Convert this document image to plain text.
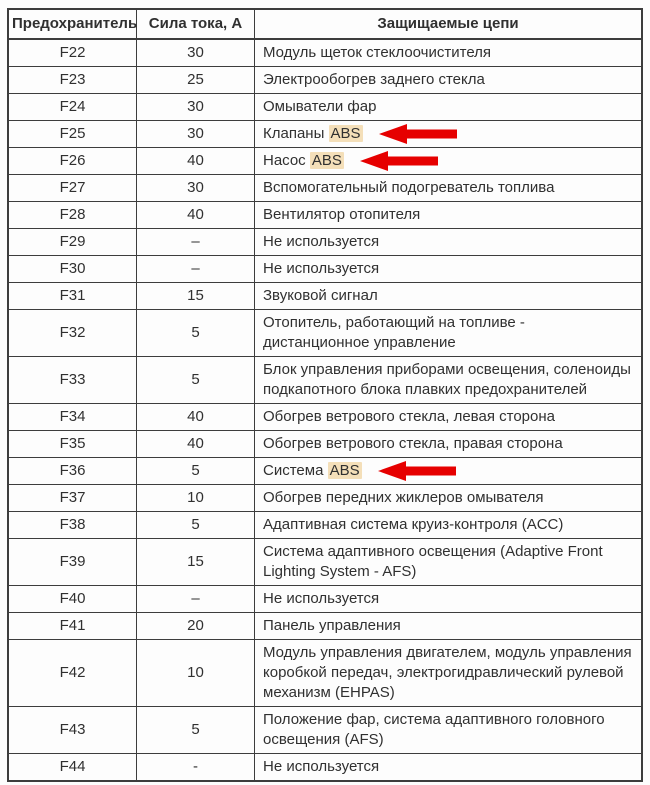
Предохранитель	Сила тока, А	Защищаемые цепи
F22	30	Модуль щеток стеклоочистителя
F23	25	Электрообогрев заднего стекла
F24	30	Омыватели фар
F25	30	Клапаны ABS
F26	40	Насос ABS
F27	30	Вспомогательный подогреватель топлива
F28	40	Вентилятор отопителя
F29	–	Не используется
F30	–	Не используется
F31	15	Звуковой сигнал
F32	5	Отопитель, работающий на топливе - дистанционное управление
F33	5	Блок управления приборами освещения, соленоиды подкапотного блока плавких предохранителей
F34	40	Обогрев ветрового стекла, левая сторона
F35	40	Обогрев ветрового стекла, правая сторона
F36	5	Система ABS
F37	10	Обогрев передних жиклеров омывателя
F38	5	Адаптивная система круиз-контроля (ACC)
F39	15	Система адаптивного освещения (Adaptive Front Lighting System - AFS)
F40	–	Не используется
F41	20	Панель управления
F42	10	Модуль управления двигателем, модуль управления коробкой передач, электрогидравлический рулевой механизм (EHPAS)
F43	5	Положение фар, система адаптивного головного освещения (AFS)
F44	-	Не используется
